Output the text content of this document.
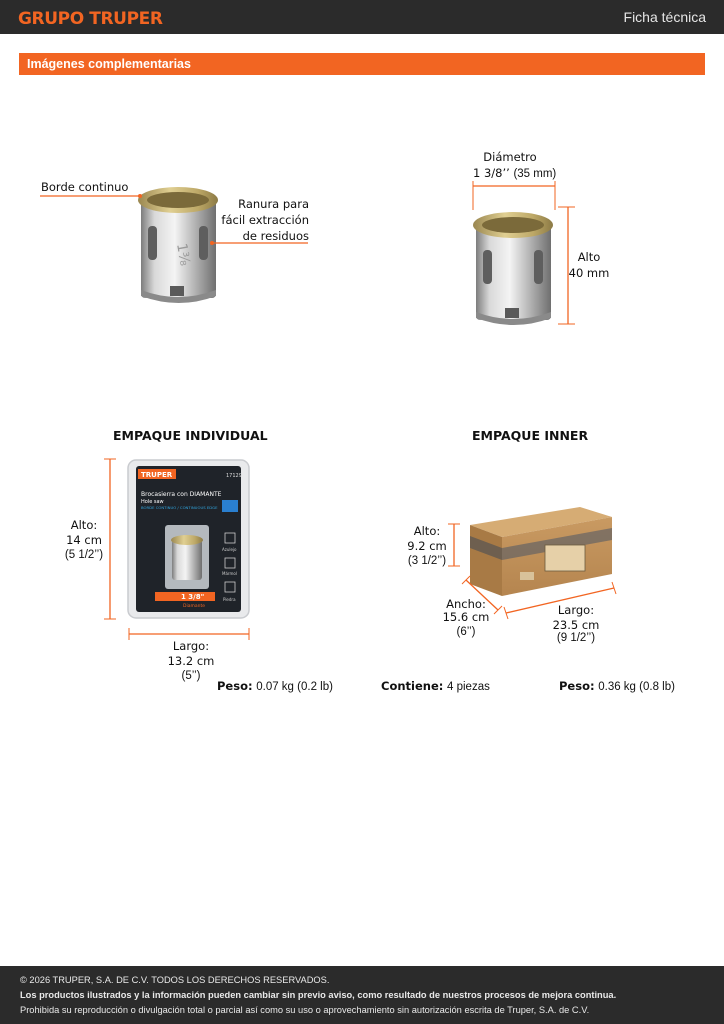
GRUPO TRUPER	Ficha técnica
Imágenes complementarias
1⅜
TRUPER	17129
Brocasierra con DIAMANTE
Hole saw
BORDE CONTINUO / CONTINUOUS EDGE
1 3/8"
Diamante
Azulejo
Mármol
Piedra
Borde continuo
Ranura para
fácil extracción
de residuos
Diámetro
1 3/8’’ (35 mm)
Alto
40 mm
EMPAQUE INDIVIDUAL
Alto:
14 cm
(5 1/2’’)
Largo:
13.2 cm
(5’’)
Peso: 0.07 kg (0.2 lb)
EMPAQUE INNER
Alto:
9.2 cm
(3 1/2’’)
Ancho:
15.6 cm
(6’’)
Largo:
23.5 cm
(9 1/2’’)
Contiene: 4 piezas	Peso: 0.36 kg (0.8 lb)
© 2026 TRUPER, S.A. DE C.V. TODOS LOS DERECHOS RESERVADOS.
Los productos ilustrados y la información pueden cambiar sin previo aviso, como resultado de nuestros procesos de mejora continua.
Prohibida su reproducción o divulgación total o parcial así como su uso o aprovechamiento sin autorización escrita de Truper, S.A. de C.V.
